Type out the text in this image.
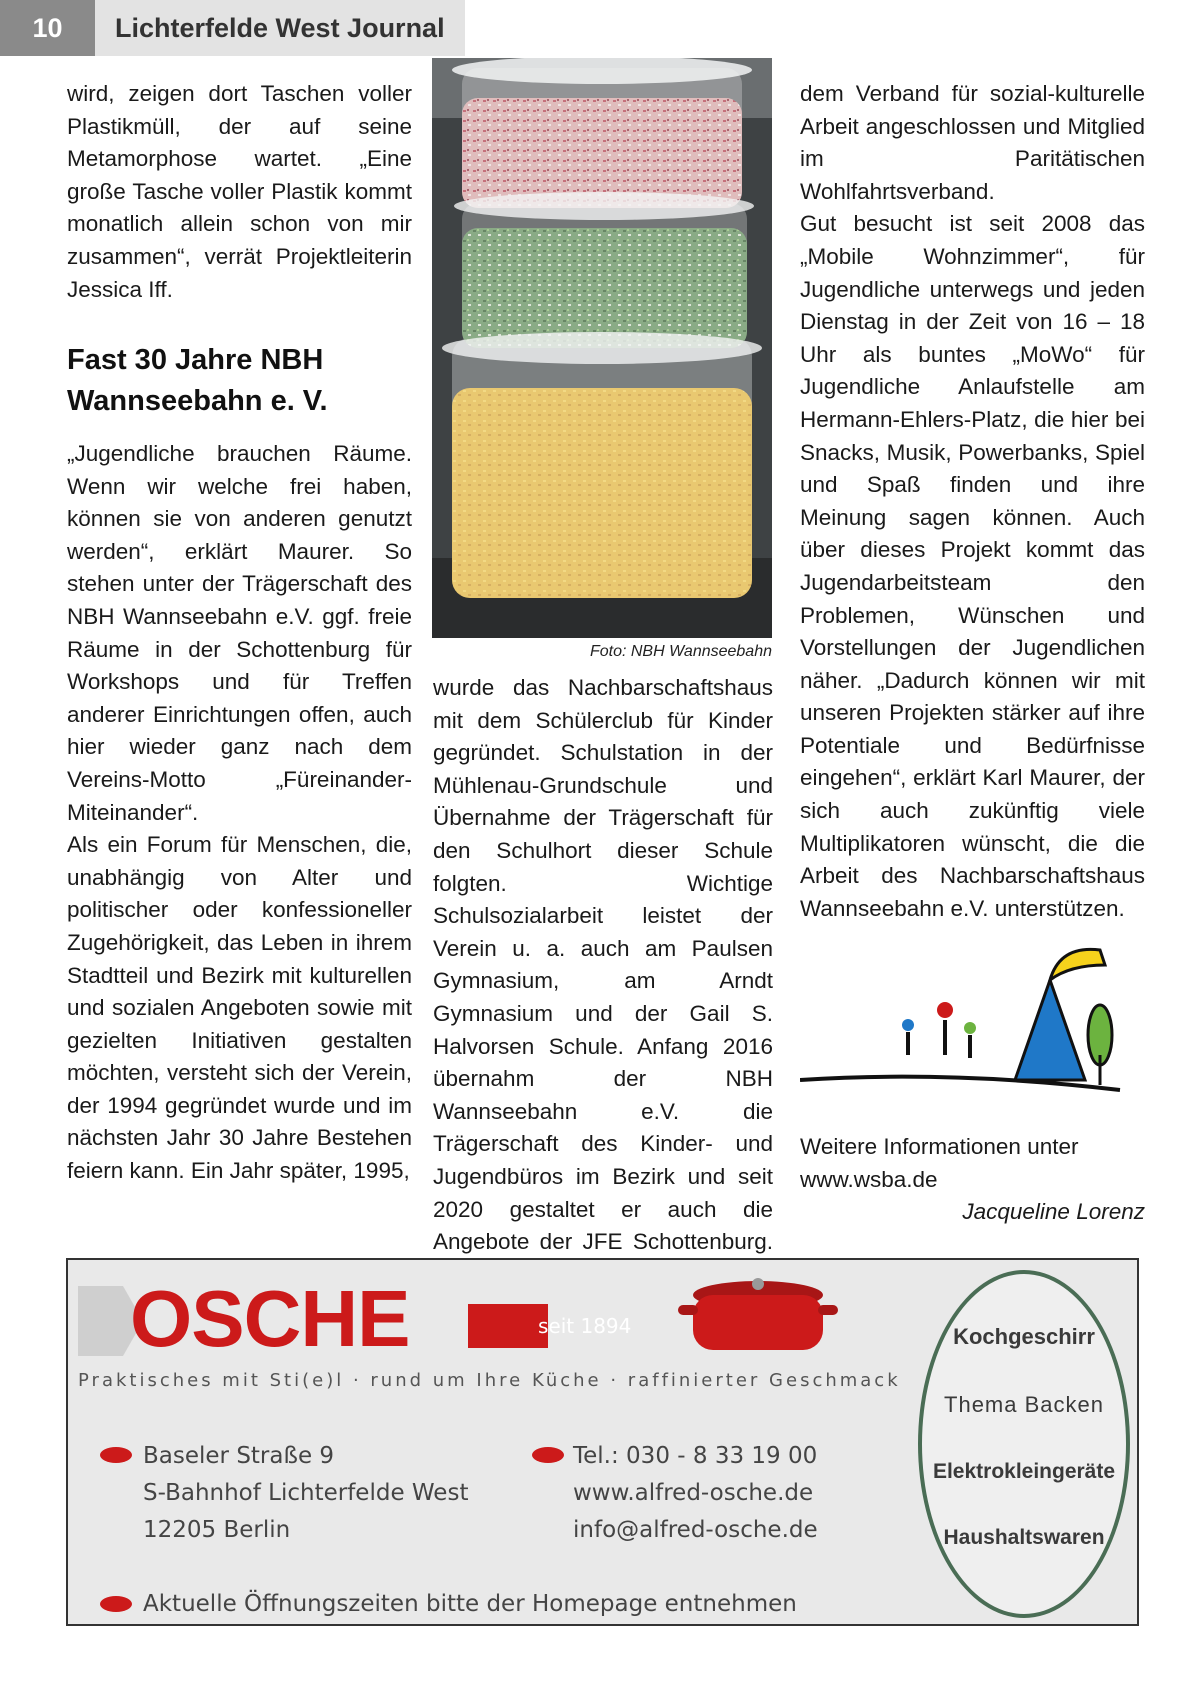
10	Lichterfelde West Journal

wird, zeigen dort Taschen voller Plastikmüll, der auf seine Metamorphose wartet. „Eine große Tasche voller Plastik kommt monatlich allein schon von mir zusammen“, verrät Projektleiterin Jessica Iff.

Fast 30 Jahre NBH Wannseebahn e. V.

„Jugendliche brauchen Räume. Wenn wir welche frei haben, können sie von anderen genutzt werden“, erklärt Maurer. So stehen unter der Trägerschaft des NBH Wannseebahn e.V. ggf. freie Räume in der Schottenburg für Workshops und für Treffen anderer Einrichtungen offen, auch hier wieder ganz nach dem Vereins-Motto „Füreinander-Miteinander“.

Als ein Forum für Menschen, die, unabhängig von Alter und politischer oder konfessioneller Zugehörigkeit, das Leben in ihrem Stadtteil und Bezirk mit kulturellen und sozialen Angeboten sowie mit gezielten Initiativen gestalten möchten, versteht sich der Verein, der 1994 gegründet wurde und im nächsten Jahr 30 Jahre Bestehen feiern kann. Ein Jahr später, 1995,

Foto: NBH Wannseebahn

wurde das Nachbarschaftshaus mit dem Schülerclub für Kinder gegründet. Schulstation in der Mühlenau-Grundschule und Übernahme der Trägerschaft für den Schulhort dieser Schule folgten. Wichtige Schulsozialarbeit leistet der Verein u. a. auch am Paulsen Gymnasium, am Arndt Gymnasium und der Gail S. Halvorsen Schule. Anfang 2016 übernahm der NBH Wannseebahn e.V. die Trägerschaft des Kinder- und Jugendbüros im Bezirk und seit 2020 gestaltet er auch die Angebote der JFE Schottenburg.

dem Verband für sozial-kulturelle Arbeit angeschlossen und Mitglied im Paritätischen Wohlfahrtsverband.

Gut besucht ist seit 2008 das „Mobile Wohnzimmer“, für Jugendliche unterwegs und jeden Dienstag in der Zeit von 16 – 18 Uhr als buntes „MoWo“ für Jugendliche Anlaufstelle am Hermann-Ehlers-Platz, die hier bei Snacks, Musik, Powerbanks, Spiel und Spaß finden und ihre Meinung sagen können. Auch über dieses Projekt kommt das Jugendarbeitsteam den Problemen, Wünschen und Vorstellungen der Jugendlichen näher. „Dadurch können wir mit unseren Projekten stärker auf ihre Potentiale und Bedürfnisse eingehen“, erklärt Karl Maurer, der sich auch zukünftig viele Multiplikatoren wünscht, die die Arbeit des Nachbarschaftshaus Wannseebahn e.V. unterstützen.

Weitere Informationen unter www.wsba.de
Jacqueline Lorenz
OSCHE	seit 1894
Praktisches mit Sti(e)l · rund um Ihre Küche · raffinierter Geschmack
Baseler Straße 9
S-Bahnhof Lichterfelde West
12205 Berlin
Tel.: 030 - 8 33 19 00
www.alfred-osche.de
info@alfred-osche.de
Aktuelle Öffnungszeiten bitte der Homepage entnehmen
Kochgeschirr
Thema Backen
Elektrokleingeräte
Haushaltswaren
